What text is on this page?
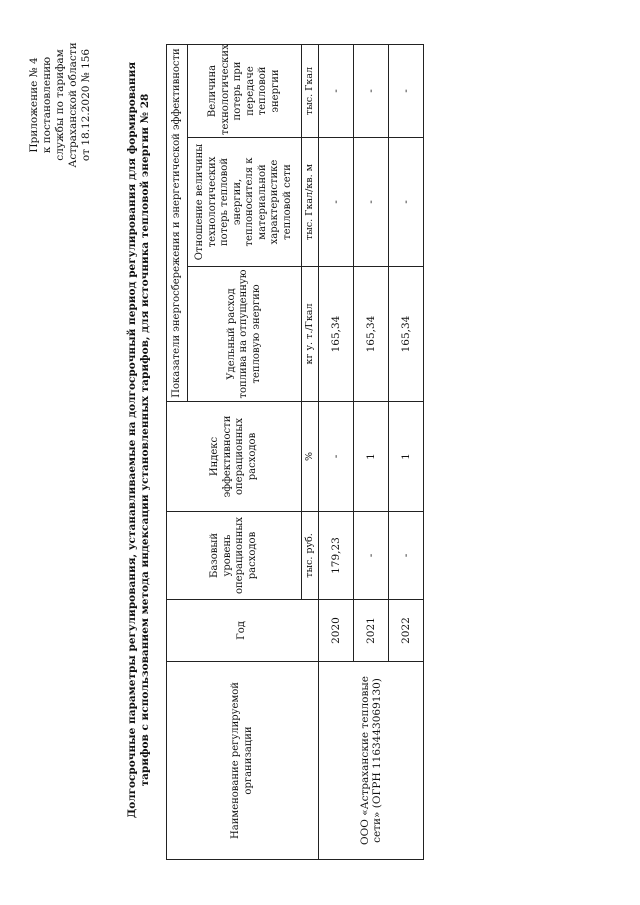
Приложение № 4 к постановлению службы по тарифам Астраханской области от 18.12.2020 № 156	Долгосрочные параметры регулирования, устанавливаемые на долгосрочный период регулирования для формирования тарифов с использованием метода индексации установленных тарифов, для источника тепловой энергии № 28	Наименование регулируемой организации	Год	Базовый уровень операционных расходов	Индекс эффективности операционных расходов	Показатели энергосбережения и энергетической эффективности		
				Удельный расход топлива на отпущенную тепловую энергию	Отношение величины технологических потерь тепловой энергии, теплоносителя к материальной характеристике тепловой сети	Величина технологических потерь при передаче тепловой энергии
		тыс. руб.	%	кг у. т./Гкал	тыс. Гкал/кв. м	тыс. Гкал
ООО «Астраханские тепловые сети» (ОГРН 1163443069130)	2020	179,23	-	165,34	-	-
	2021	-	1	165,34	-	-
	2022	-	1	165,34	-	-
